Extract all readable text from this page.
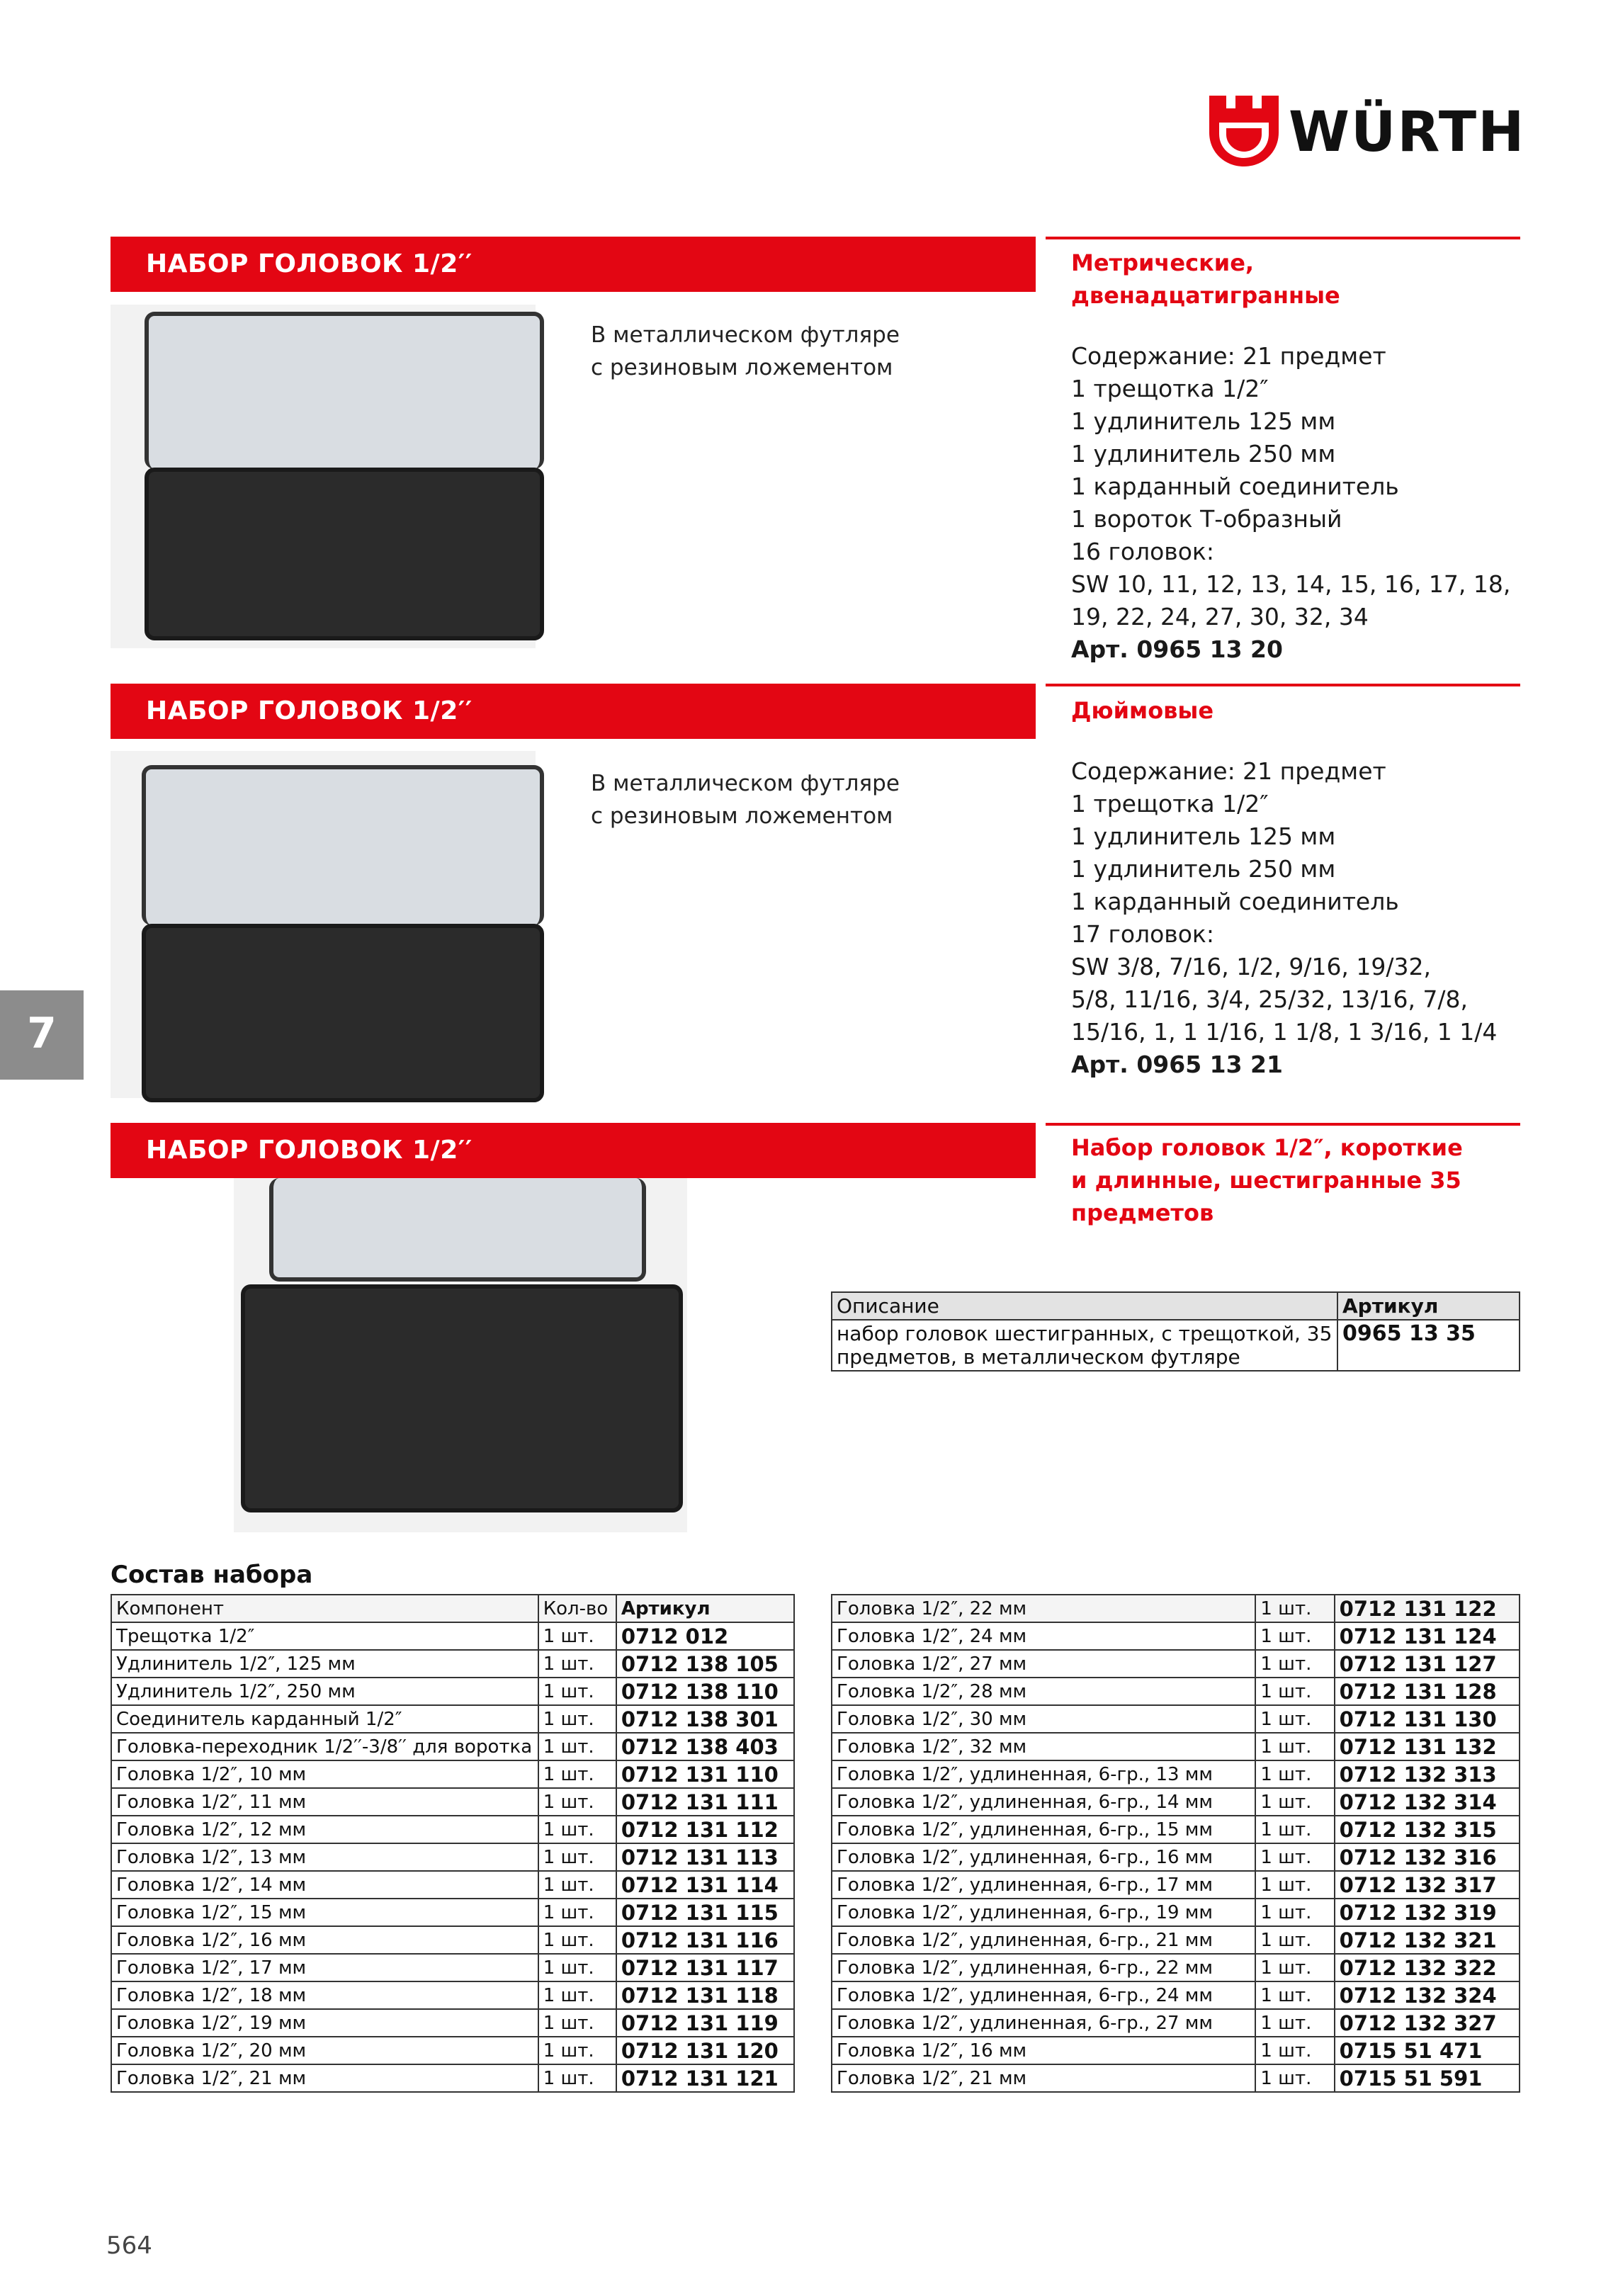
WÜRTH
НАБОР ГОЛОВОК 1/2′′	Метрические,
двенадцатигранные
В металлическом футляре
с резиновым ложементом	Содержание: 21 предмет
1 трещотка 1/2″
1 удлинитель 125 мм
1 удлинитель 250 мм
1 карданный соединитель
1 вороток Т-образный
16 головок:
SW 10, 11, 12, 13, 14, 15, 16, 17, 18,
19, 22, 24, 27, 30, 32, 34
Арт. 0965 13 20
НАБОР ГОЛОВОК 1/2′′	Дюймовые
В металлическом футляре
с резиновым ложементом
Содержание: 21 предмет
1 трещотка 1/2″
1 удлинитель 125 мм
1 удлинитель 250 мм
1 карданный соединитель
17 головок:
SW 3/8, 7/16, 1/2, 9/16, 19/32,
5/8, 11/16, 3/4, 25/32, 13/16, 7/8,
15/16, 1, 1 1/16, 1 1/8, 1 3/16, 1 1/4
Арт. 0965 13 21
7
НАБОР ГОЛОВОК 1/2′′	Набор головок 1/2″, короткие
и длинные, шестигранные 35
предметов
Описание	Артикул

набор головок шестигранных, с трещоткой, 35
предметов, в металлическом футляре	0965 13 35
Состав набора
Компонент	Кол-во	Артикул
Трещотка 1/2″	1 шт.	0712 012
Удлинитель 1/2″, 125 мм	1 шт.	0712 138 105
Удлинитель 1/2″, 250 мм	1 шт.	0712 138 110
Соединитель карданный 1/2″	1 шт.	0712 138 301
Головка-переходник 1/2′′-3/8′′ для воротка	1 шт.	0712 138 403
Головка 1/2″, 10 мм	1 шт.	0712 131 110
Головка 1/2″, 11 мм	1 шт.	0712 131 111
Головка 1/2″, 12 мм	1 шт.	0712 131 112
Головка 1/2″, 13 мм	1 шт.	0712 131 113
Головка 1/2″, 14 мм	1 шт.	0712 131 114
Головка 1/2″, 15 мм	1 шт.	0712 131 115
Головка 1/2″, 16 мм	1 шт.	0712 131 116
Головка 1/2″, 17 мм	1 шт.	0712 131 117
Головка 1/2″, 18 мм	1 шт.	0712 131 118
Головка 1/2″, 19 мм	1 шт.	0712 131 119
Головка 1/2″, 20 мм	1 шт.	0712 131 120
Головка 1/2″, 21 мм	1 шт.	0712 131 121
Головка 1/2″, 22 мм	1 шт.	0712 131 122
Головка 1/2″, 24 мм	1 шт.	0712 131 124
Головка 1/2″, 27 мм	1 шт.	0712 131 127
Головка 1/2″, 28 мм	1 шт.	0712 131 128
Головка 1/2″, 30 мм	1 шт.	0712 131 130
Головка 1/2″, 32 мм	1 шт.	0712 131 132
Головка 1/2″, удлиненная, 6-гр., 13 мм	1 шт.	0712 132 313
Головка 1/2″, удлиненная, 6-гр., 14 мм	1 шт.	0712 132 314
Головка 1/2″, удлиненная, 6-гр., 15 мм	1 шт.	0712 132 315
Головка 1/2″, удлиненная, 6-гр., 16 мм	1 шт.	0712 132 316
Головка 1/2″, удлиненная, 6-гр., 17 мм	1 шт.	0712 132 317
Головка 1/2″, удлиненная, 6-гр., 19 мм	1 шт.	0712 132 319
Головка 1/2″, удлиненная, 6-гр., 21 мм	1 шт.	0712 132 321
Головка 1/2″, удлиненная, 6-гр., 22 мм	1 шт.	0712 132 322
Головка 1/2″, удлиненная, 6-гр., 24 мм	1 шт.	0712 132 324
Головка 1/2″, удлиненная, 6-гр., 27 мм	1 шт.	0712 132 327
Головка 1/2″, 16 мм	1 шт.	0715 51 471
Головка 1/2″, 21 мм	1 шт.	0715 51 591
564
